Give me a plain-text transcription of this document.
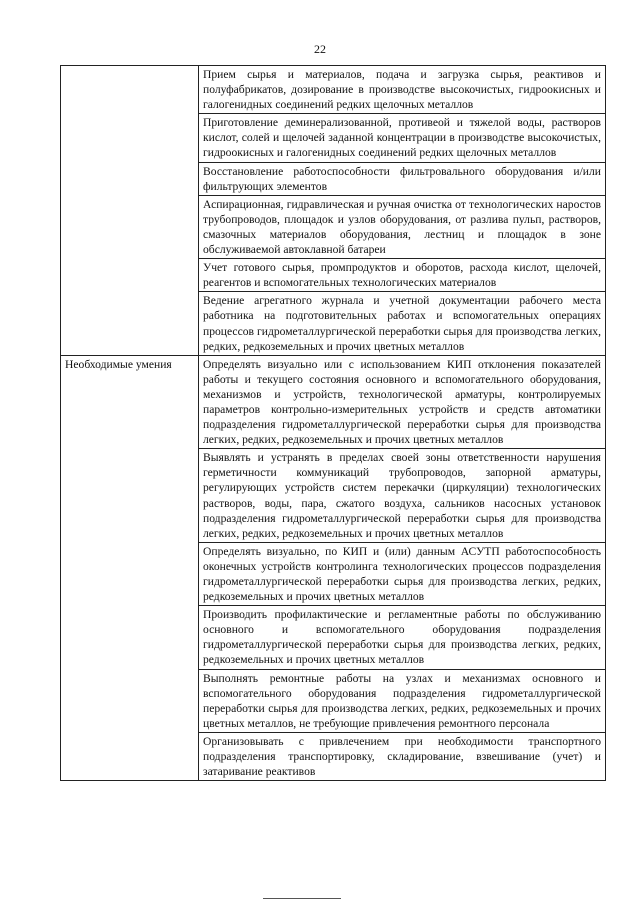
22
	Прием сырья и материалов, подача и загрузка сырья, реактивов и полуфабрикатов, дозирование в производстве высокочистых, гидроокисных и галогенидных соединений редких щелочных металлов
	Приготовление деминерализованной, противеой и тяжелой воды, растворов кислот, солей и щелочей заданной концентрации в производстве высокочистых, гидроокисных и галогенидных соединений редких щелочных металлов
	Восстановление работоспособности фильтровального оборудования и/или фильтрующих элементов
	Аспирационная, гидравлическая и ручная очистка от технологических наростов трубопроводов, площадок и узлов оборудования, от разлива пульп, растворов, смазочных материалов оборудования, лестниц и площадок в зоне обслуживаемой автоклавной батареи
	Учет готового сырья, промпродуктов и оборотов, расхода кислот, щелочей, реагентов и вспомогательных технологических материалов
	Ведение агрегатного журнала и учетной документации рабочего места работника на подготовительных работах и вспомогательных операциях процессов гидрометаллургической переработки сырья для производства легких, редких, редкоземельных и прочих цветных металлов
Необходимые умения	Определять визуально или с использованием КИП отклонения показателей работы и текущего состояния основного и вспомогательного оборудования, механизмов и устройств, технологической арматуры, контролируемых параметров контрольно-измерительных устройств и средств автоматики подразделения гидрометаллургической переработки сырья для производства легких, редких, редкоземельных и прочих цветных металлов
	Выявлять и устранять в пределах своей зоны ответственности нарушения герметичности коммуникаций трубопроводов, запорной арматуры, регулирующих устройств систем перекачки (циркуляции) технологических растворов, воды, пара, сжатого воздуха, сальников насосных установок подразделения гидрометаллургической переработки сырья для производства легких, редких, редкоземельных и прочих цветных металлов
	Определять визуально, по КИП и (или) данным АСУТП работоспособность оконечных устройств контролинга технологических процессов подразделения гидрометаллургической переработки сырья для производства легких, редких, редкоземельных и прочих цветных металлов
	Производить профилактические и регламентные работы по обслуживанию основного и вспомогательного оборудования подразделения гидрометаллургической переработки сырья для производства легких, редких, редкоземельных и прочих цветных металлов
	Выполнять ремонтные работы на узлах и механизмах основного и вспомогательного оборудования подразделения гидрометаллургической переработки сырья для производства легких, редких, редкоземельных и прочих цветных металлов, не требующие привлечения ремонтного персонала
	Организовывать с привлечением при необходимости транспортного подразделения транспортировку, складирование, взвешивание (учет) и затаривание реактивов
